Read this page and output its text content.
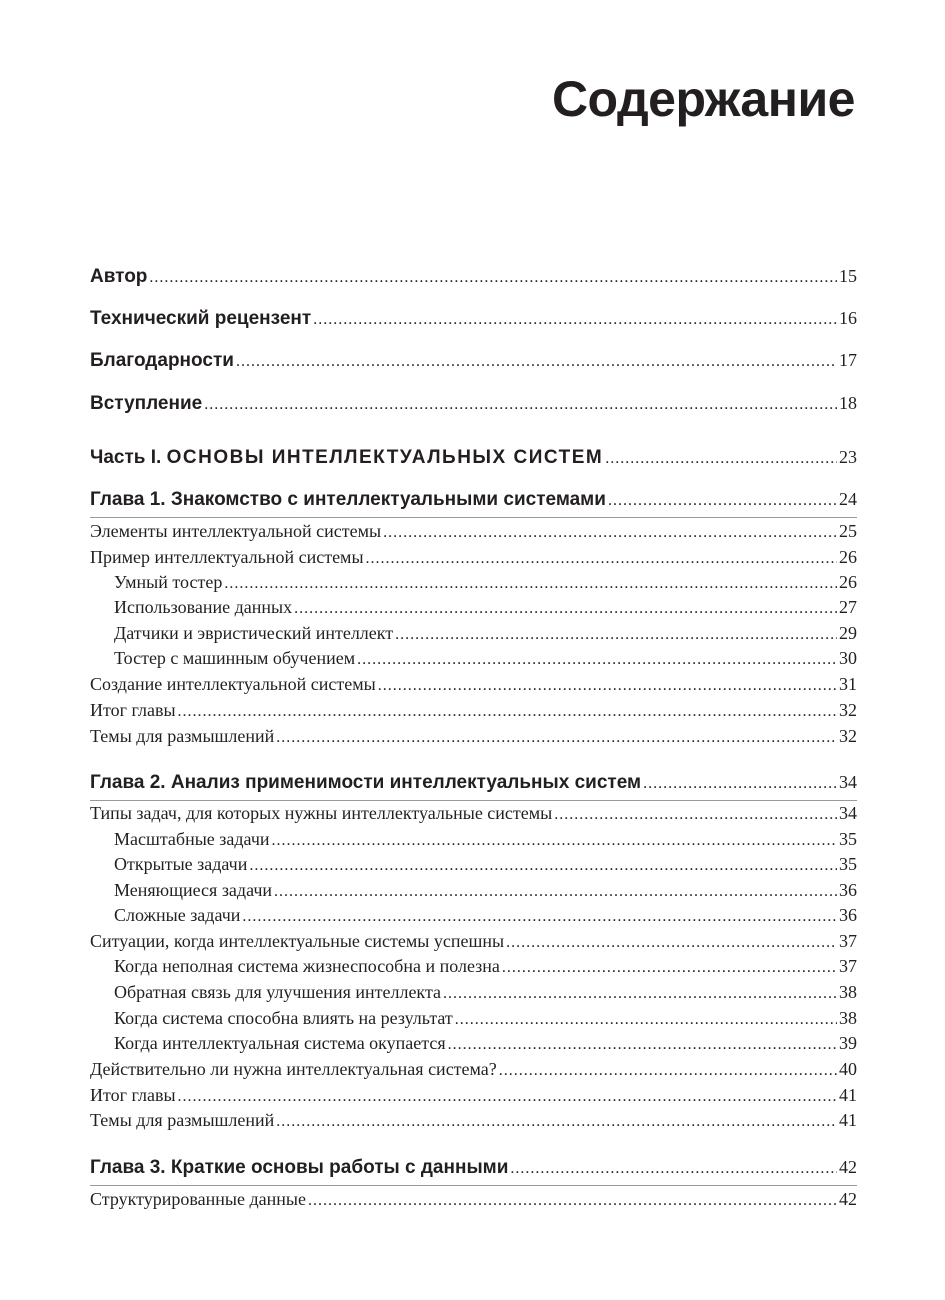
Содержание
Автор .....	15
Технический рецензент .....	16
Благодарности .....	17
Вступление .....	18
Часть I. ОСНОВЫ ИНТЕЛЛЕКТУАЛЬНЫХ СИСТЕМ .....	23
Глава 1. Знакомство с интеллектуальными системами .....	24
Элементы интеллектуальной системы .....	25
Пример интеллектуальной системы .....	26
Умный тостер .....	26
Использование данных .....	27
Датчики и эвристический интеллект .....	29
Тостер с машинным обучением .....	30
Создание интеллектуальной системы .....	31
Итог главы .....	32
Темы для размышлений .....	32
Глава 2. Анализ применимости интеллектуальных систем .....	34
Типы задач, для которых нужны интеллектуальные системы .....	34
Масштабные задачи .....	35
Открытые задачи .....	35
Меняющиеся задачи .....	36
Сложные задачи .....	36
Ситуации, когда интеллектуальные системы успешны .....	37
Когда неполная система жизнеспособна и полезна .....	37
Обратная связь для улучшения интеллекта .....	38
Когда система способна влиять на результат .....	38
Когда интеллектуальная система окупается .....	39
Действительно ли нужна интеллектуальная система? .....	40
Итог главы .....	41
Темы для размышлений .....	41
Глава 3. Краткие основы работы с данными .....	42
Структурированные данные .....	42
